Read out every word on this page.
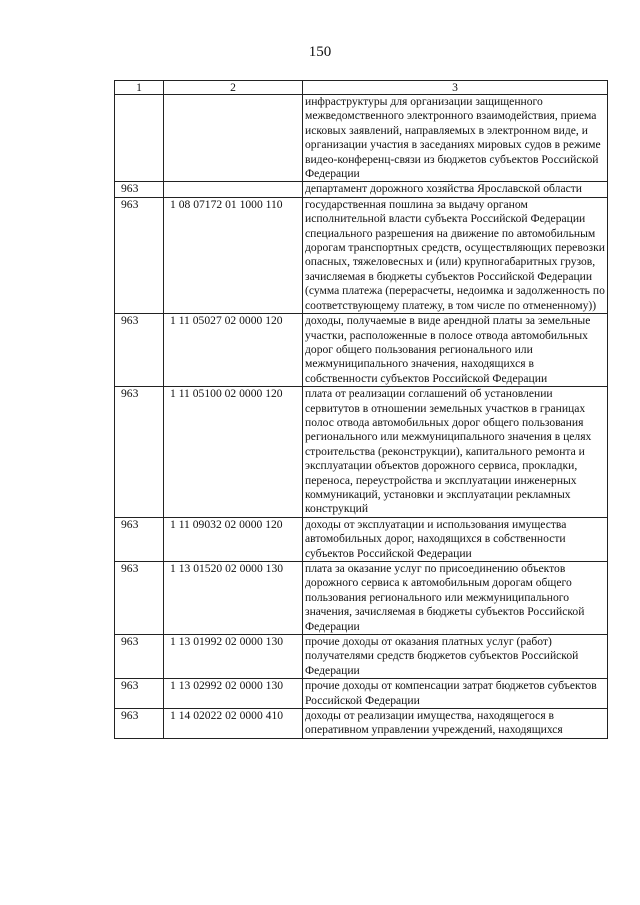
150
1	2	3
		инфраструктуры для организации защищенного межведомственного электронного взаимодействия, приема исковых заявлений, направляемых в электронном виде, и организации участия в заседаниях мировых судов в режиме видео-конференц-связи из бюджетов субъектов Российской Федерации
963		департамент дорожного хозяйства Ярославской области
963	1 08 07172 01 1000 110	государственная пошлина за выдачу органом исполнительной власти субъекта Российской Федерации специального разрешения на движение по автомобильным дорогам транспортных средств, осуществляющих перевозки опасных, тяжеловесных и (или) крупногабаритных грузов, зачисляемая в бюджеты субъектов Российской Федерации (сумма платежа (перерасчеты, недоимка и задолженность по соответствующему платежу, в том числе по отмененному))
963	1 11 05027 02 0000 120	доходы, получаемые в виде арендной платы за земельные участки, расположенные в полосе отвода автомобильных дорог общего пользования регионального или межмуниципального значения, находящихся в собственности субъектов Российской Федерации
963	1 11 05100 02 0000 120	плата от реализации соглашений об установлении сервитутов в отношении земельных участков в границах полос отвода автомобильных дорог общего пользования регионального или межмуниципального значения в целях строительства (реконструкции), капитального ремонта и эксплуатации объектов дорожного сервиса, прокладки, переноса, переустройства и эксплуатации инженерных коммуникаций, установки и эксплуатации рекламных конструкций
963	1 11 09032 02 0000 120	доходы от эксплуатации и использования имущества автомобильных дорог, находящихся в собственности субъектов Российской Федерации
963	1 13 01520 02 0000 130	плата за оказание услуг по присоединению объектов дорожного сервиса к автомобильным дорогам общего пользования регионального или межмуниципального значения, зачисляемая в бюджеты субъектов Российской Федерации
963	1 13 01992 02 0000 130	прочие доходы от оказания платных услуг (работ) получателями средств бюджетов субъектов Российской Федерации
963	1 13 02992 02 0000 130	прочие доходы от компенсации затрат бюджетов субъектов Российской Федерации
963	1 14 02022 02 0000 410	доходы от реализации имущества, находящегося в оперативном управлении учреждений, находящихся
